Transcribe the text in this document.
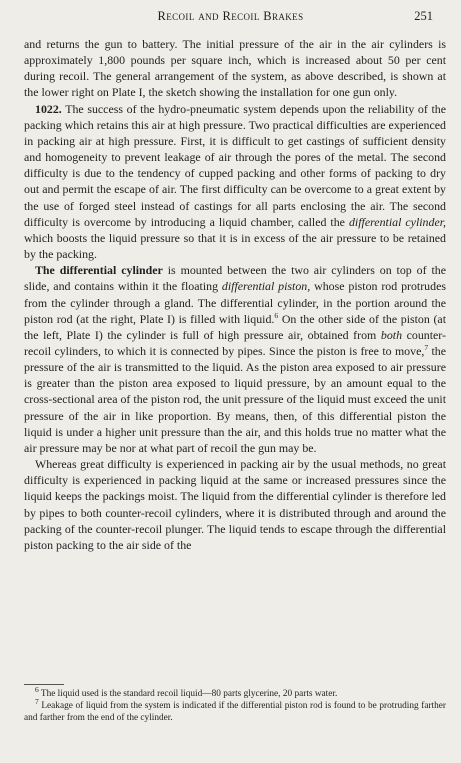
Recoil and Recoil Brakes	251

and returns the gun to battery. The initial pressure of the air in the air cylinders is approximately 1,800 pounds per square inch, which is increased about 50 per cent during recoil. The general arrangement of the system, as above described, is shown at the lower right on Plate I, the sketch showing the installation for one gun only.

1022. The success of the hydro-pneumatic system depends upon the reliability of the packing which retains this air at high pressure. Two practical difficulties are experienced in packing air at high pressure. First, it is difficult to get castings of sufficient density and homogeneity to prevent leakage of air through the pores of the metal. The second difficulty is due to the tendency of cupped packing and other forms of packing to dry out and permit the escape of air. The first difficulty can be overcome to a great extent by the use of forged steel instead of castings for all parts enclosing the air. The second difficulty is overcome by introducing a liquid chamber, called the differential cylinder, which boosts the liquid pressure so that it is in excess of the air pressure to be retained by the packing.

The differential cylinder is mounted between the two air cylinders on top of the slide, and contains within it the floating differential piston, whose piston rod protrudes from the cylinder through a gland. The differential cylinder, in the portion around the piston rod (at the right, Plate I) is filled with liquid.$^6$ On the other side of the piston (at the left, Plate I) the cylinder is full of high pressure air, obtained from both counter-recoil cylinders, to which it is connected by pipes. Since the piston is free to move,$^7$ the pressure of the air is transmitted to the liquid. As the piston area exposed to air pressure is greater than the piston area exposed to liquid pressure, by an amount equal to the cross-sectional area of the piston rod, the unit pressure of the liquid must exceed the unit pressure of the air in like proportion. By means, then, of this differential piston the liquid is under a higher unit pressure than the air, and this holds true no matter what the air pressure may be nor at what part of recoil the gun may be.

Whereas great difficulty is experienced in packing air by the usual methods, no great difficulty is experienced in packing liquid at the same or increased pressures since the liquid keeps the packings moist. The liquid from the differential cylinder is therefore led by pipes to both counter-recoil cylinders, where it is distributed through and around the packing of the counter-recoil plunger. The liquid tends to escape through the differential piston packing to the air side of the

$^6$ The liquid used is the standard recoil liquid—80 parts glycerine, 20 parts water.

$^7$ Leakage of liquid from the system is indicated if the differential piston rod is found to be protruding farther and farther from the end of the cylinder.
